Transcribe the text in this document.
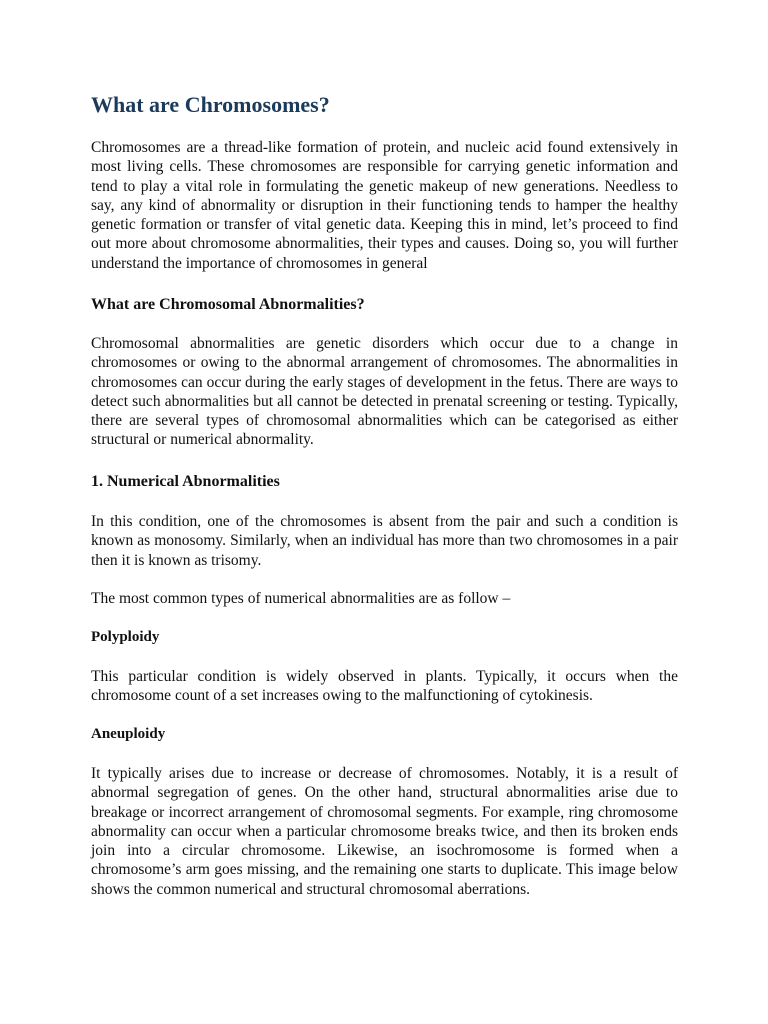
What are Chromosomes?

Chromosomes are a thread-like formation of protein, and nucleic acid found extensively in most living cells. These chromosomes are responsible for carrying genetic information and tend to play a vital role in formulating the genetic makeup of new generations. Needless to say, any kind of abnormality or disruption in their functioning tends to hamper the healthy genetic formation or transfer of vital genetic data. Keeping this in mind, let’s proceed to find out more about chromosome abnormalities, their types and causes. Doing so, you will further understand the importance of chromosomes in general

What are Chromosomal Abnormalities?

Chromosomal abnormalities are genetic disorders which occur due to a change in chromosomes or owing to the abnormal arrangement of chromosomes. The abnormalities in chromosomes can occur during the early stages of development in the fetus. There are ways to detect such abnormalities but all cannot be detected in prenatal screening or testing. Typically, there are several types of chromosomal abnormalities which can be categorised as either structural or numerical abnormality.

1. Numerical Abnormalities

In this condition, one of the chromosomes is absent from the pair and such a condition is known as monosomy. Similarly, when an individual has more than two chromosomes in a pair then it is known as trisomy.

The most common types of numerical abnormalities are as follow –

Polyploidy

This particular condition is widely observed in plants. Typically, it occurs when the chromosome count of a set increases owing to the malfunctioning of cytokinesis.

Aneuploidy

It typically arises due to increase or decrease of chromosomes. Notably, it is a result of abnormal segregation of genes. On the other hand, structural abnormalities arise due to breakage or incorrect arrangement of chromosomal segments. For example, ring chromosome abnormality can occur when a particular chromosome breaks twice, and then its broken ends join into a circular chromosome. Likewise, an isochromosome is formed when a chromosome’s arm goes missing, and the remaining one starts to duplicate. This image below shows the common numerical and structural chromosomal aberrations.
